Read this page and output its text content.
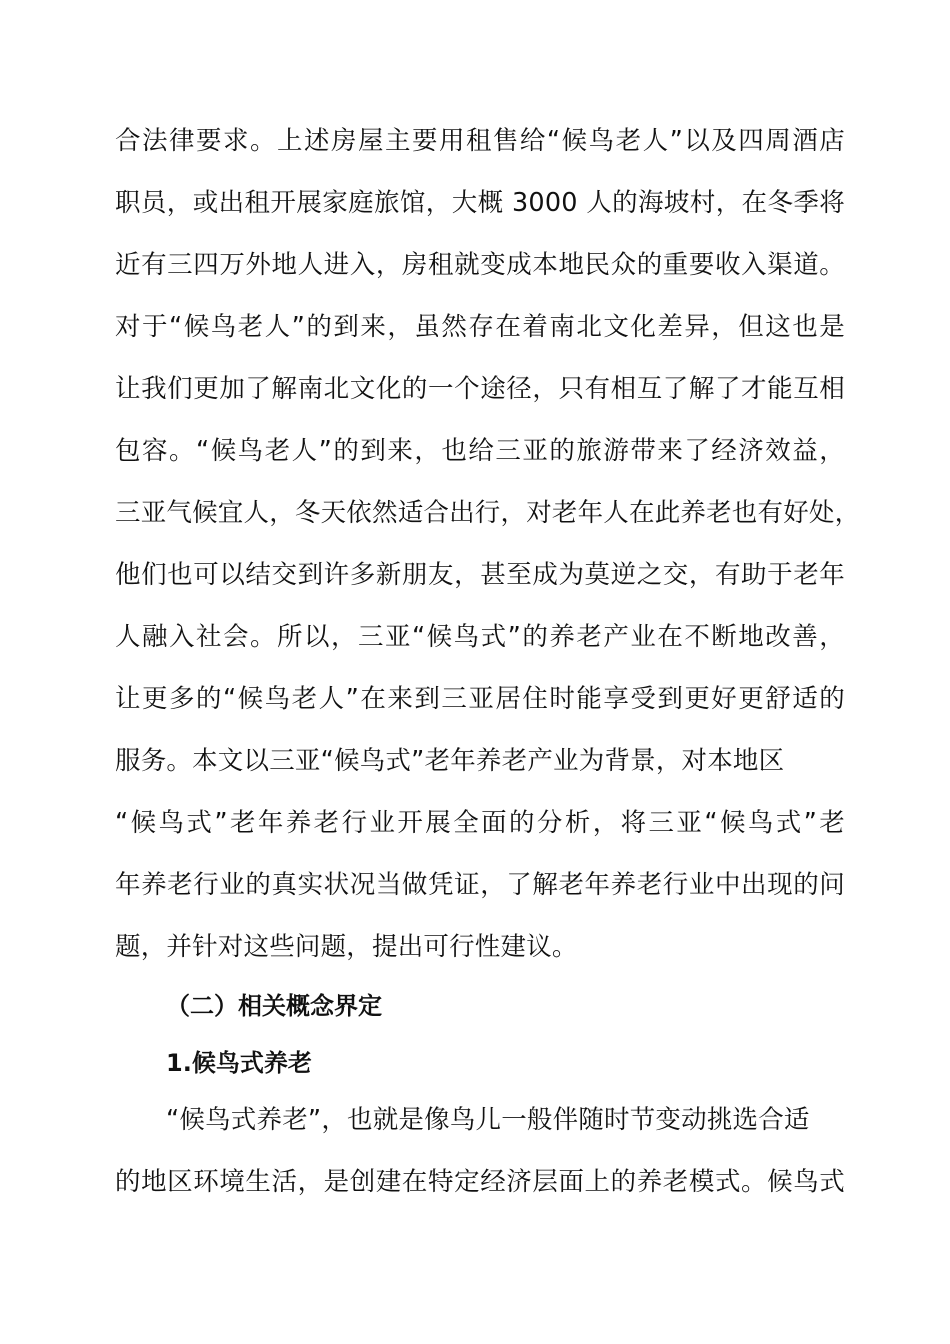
合法律要求。上述房屋主要用租售给“候鸟老人”以及四周酒店
职员，或出租开展家庭旅馆，大概 3000 人的海坡村，在冬季将
近有三四万外地人进入，房租就变成本地民众的重要收入渠道。
对于“候鸟老人”的到来，虽然存在着南北文化差异，但这也是
让我们更加了解南北文化的一个途径，只有相互了解了才能互相
包容。“候鸟老人”的到来，也给三亚的旅游带来了经济效益，
三亚气候宜人，冬天依然适合出行，对老年人在此养老也有好处，
他们也可以结交到许多新朋友，甚至成为莫逆之交，有助于老年
人融入社会。所以，三亚“候鸟式”的养老产业在不断地改善，
让更多的“候鸟老人”在来到三亚居住时能享受到更好更舒适的
服务。本文以三亚“候鸟式”老年养老产业为背景，对本地区
“候鸟式”老年养老行业开展全面的分析，将三亚“候鸟式”老
年养老行业的真实状况当做凭证，了解老年养老行业中出现的问
题，并针对这些问题，提出可行性建议。
（二）相关概念界定
1.候鸟式养老
“候鸟式养老”，也就是像鸟儿一般伴随时节变动挑选合适
的地区环境生活，是创建在特定经济层面上的养老模式。候鸟式
